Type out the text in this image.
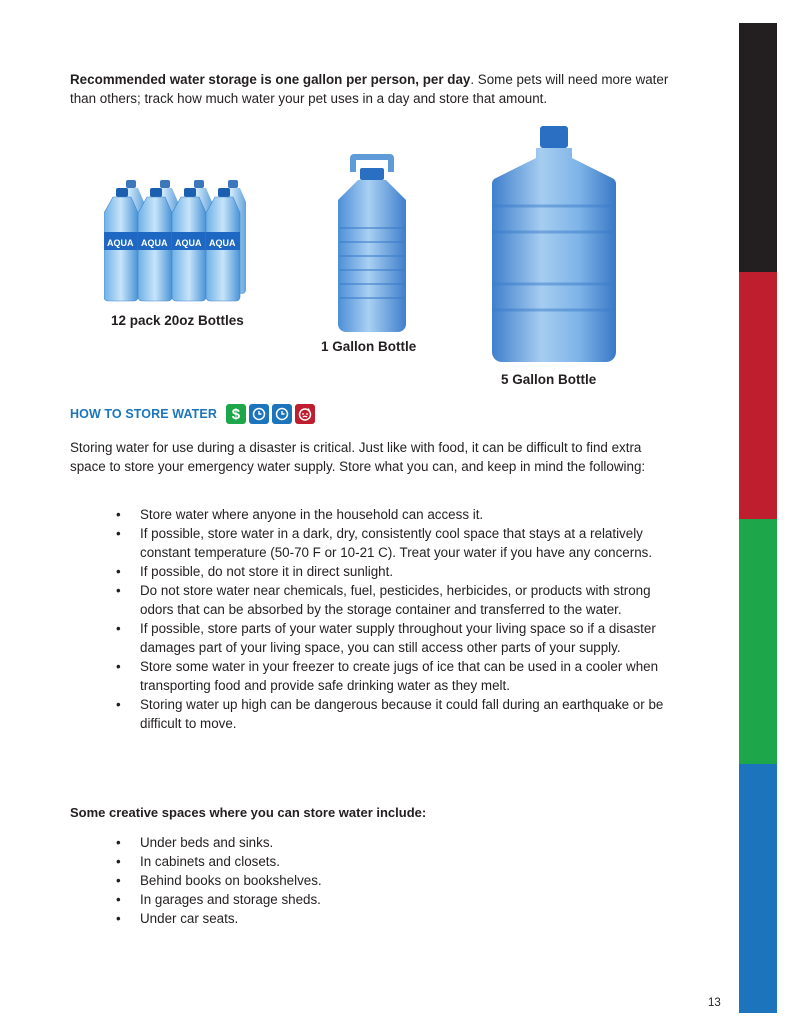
Recommended water storage is one gallon per person, per day. Some pets will need more water than others; track how much water your pet uses in a day and store that amount.

AQUA AQUA AQUA AQUA
12 pack 20oz Bottles
1 Gallon Bottle
5 Gallon Bottle
HOW TO STORE WATER $

Storing water for use during a disaster is critical. Just like with food, it can be difficult to find extra space to store your emergency water supply. Store what you can, and keep in mind the following:

• Store water where anyone in the household can access it.
• If possible, store water in a dark, dry, consistently cool space that stays at a relatively constant temperature (50-70 F or 10-21 C). Treat your water if you have any concerns.
• If possible, do not store it in direct sunlight.
• Do not store water near chemicals, fuel, pesticides, herbicides, or products with strong odors that can be absorbed by the storage container and transferred to the water.
• If possible, store parts of your water supply throughout your living space so if a disaster damages part of your living space, you can still access other parts of your supply.
• Store some water in your freezer to create jugs of ice that can be used in a cooler when transporting food and provide safe drinking water as they melt.
• Storing water up high can be dangerous because it could fall during an earthquake or be difficult to move.
Some creative spaces where you can store water include:
• Under beds and sinks.
• In cabinets and closets.
• Behind books on bookshelves.
• In garages and storage sheds.
• Under car seats.
13
